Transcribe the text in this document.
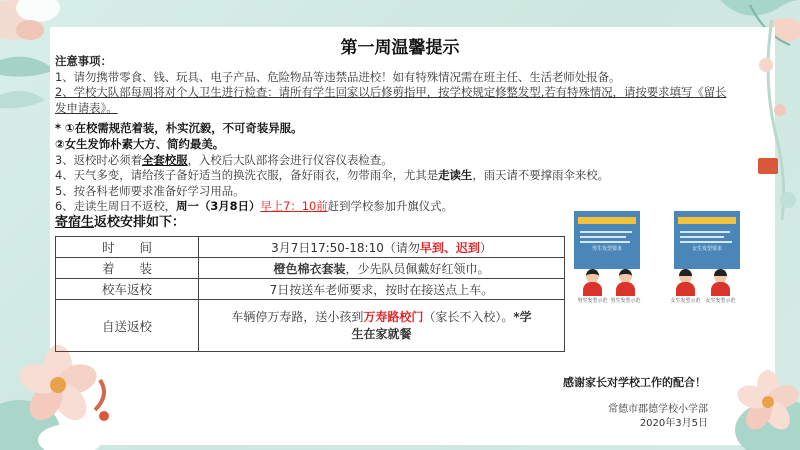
第一周温馨提示
注意事项：
1、请勿携带零食、钱、玩具、电子产品、危险物品等违禁品进校！如有特殊情况需在班主任、生活老师处报备。
2、学校大队部每周将对个人卫生进行检查：请所有学生回家以后修剪指甲，按学校规定修整发型,若有特殊情况，请按要求填写《留长
发申请表》。
* ①在校需规范着装，朴实沉毅，不可奇装异服。
②女生发饰朴素大方、简约最美。
3、返校时必须着全套校服，入校后大队部将会进行仪容仪表检查。
4、天气多变，请给孩子备好适当的换洗衣服，备好雨衣，勿带雨伞，尤其是走读生，雨天请不要撑雨伞来校。
5、按各科老师要求准备好学习用品。
6、走读生周日不返校，周一（3月8日）早上7：10前赶到学校参加升旗仪式。
寄宿生返校安排如下：
时　　间	3月7日17:50-18:10（请勿早到、迟到）
着　　装	橙色棉衣套装，少先队员佩戴好红领巾。
校车返校	7日按送车老师要求，按时在接送点上车。
自送返校	车辆停万寿路，送小孩到万寿路校门（家长不入校）。*学
生在家就餐
男生发型要求	女生发型要求
男生发型示范 男生发型示范	女生发型示范 女生发型示范
感谢家长对学校工作的配合！
常德市郡德学校小学部
2020年3月5日
